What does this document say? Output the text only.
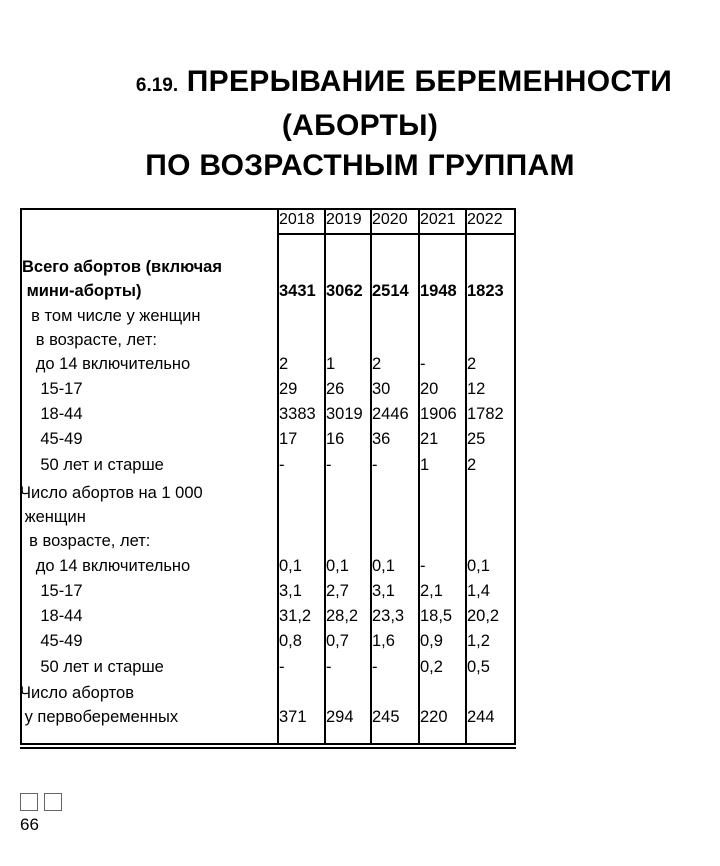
6.19. ПРЕРЫВАНИЕ БЕРЕМЕННОСТИ
(АБОРТЫ)
ПО ВОЗРАСТНЫМ ГРУППАМ
2018 2019 2020 2021 2022
Всего абортов (включая
мини-аборты)	3431 3062 2514 1948 1823
в том числе у женщин
в возрасте, лет:
до 14 включительно	2 1 2 -	2
15-17	29 26 30 20 12
18-44	3383 3019 2446 1906 1782
45-49	17 16 36 21 25
50 лет и старше	-	- -	1 2
Число абортов на 1 000
женщин
в возрасте, лет:
до 14 включительно	0,1 0,1 0,1 -	0,1
15-17	3,1 2,7 3,1 2,1 1,4
18-44	31,2 28,2 23,3 18,5 20,2
45-49	0,8 0,7 1,6 0,9 1,2
50 лет и старше	-	- -	0,2 0,5
Число абортов
у первобеременных	371 294 245 220 244
66
